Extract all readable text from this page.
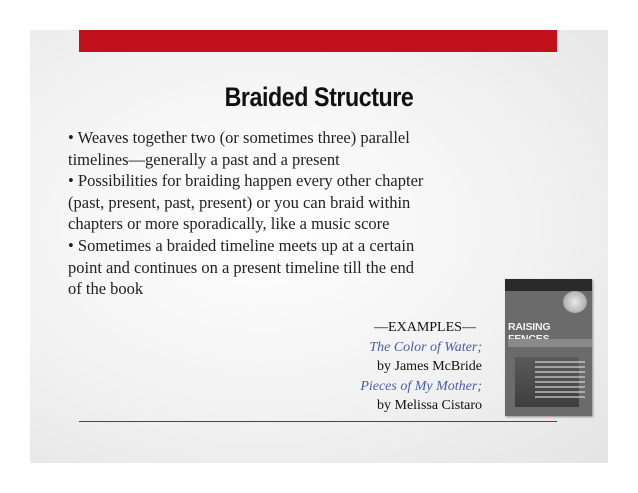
Braided Structure

• Weaves together two (or sometimes three) parallel timelines—generally a past and a present

• Possibilities for braiding happen every other chapter (past, present, past, present) or you can braid within chapters or more sporadically, like a music score

• Sometimes a braided timeline meets up at a certain point and continues on a present timeline till the end of the book

—EXAMPLES—
The Color of Water;
by James McBride
Pieces of My Mother;
by Melissa Cistaro
RAISING
